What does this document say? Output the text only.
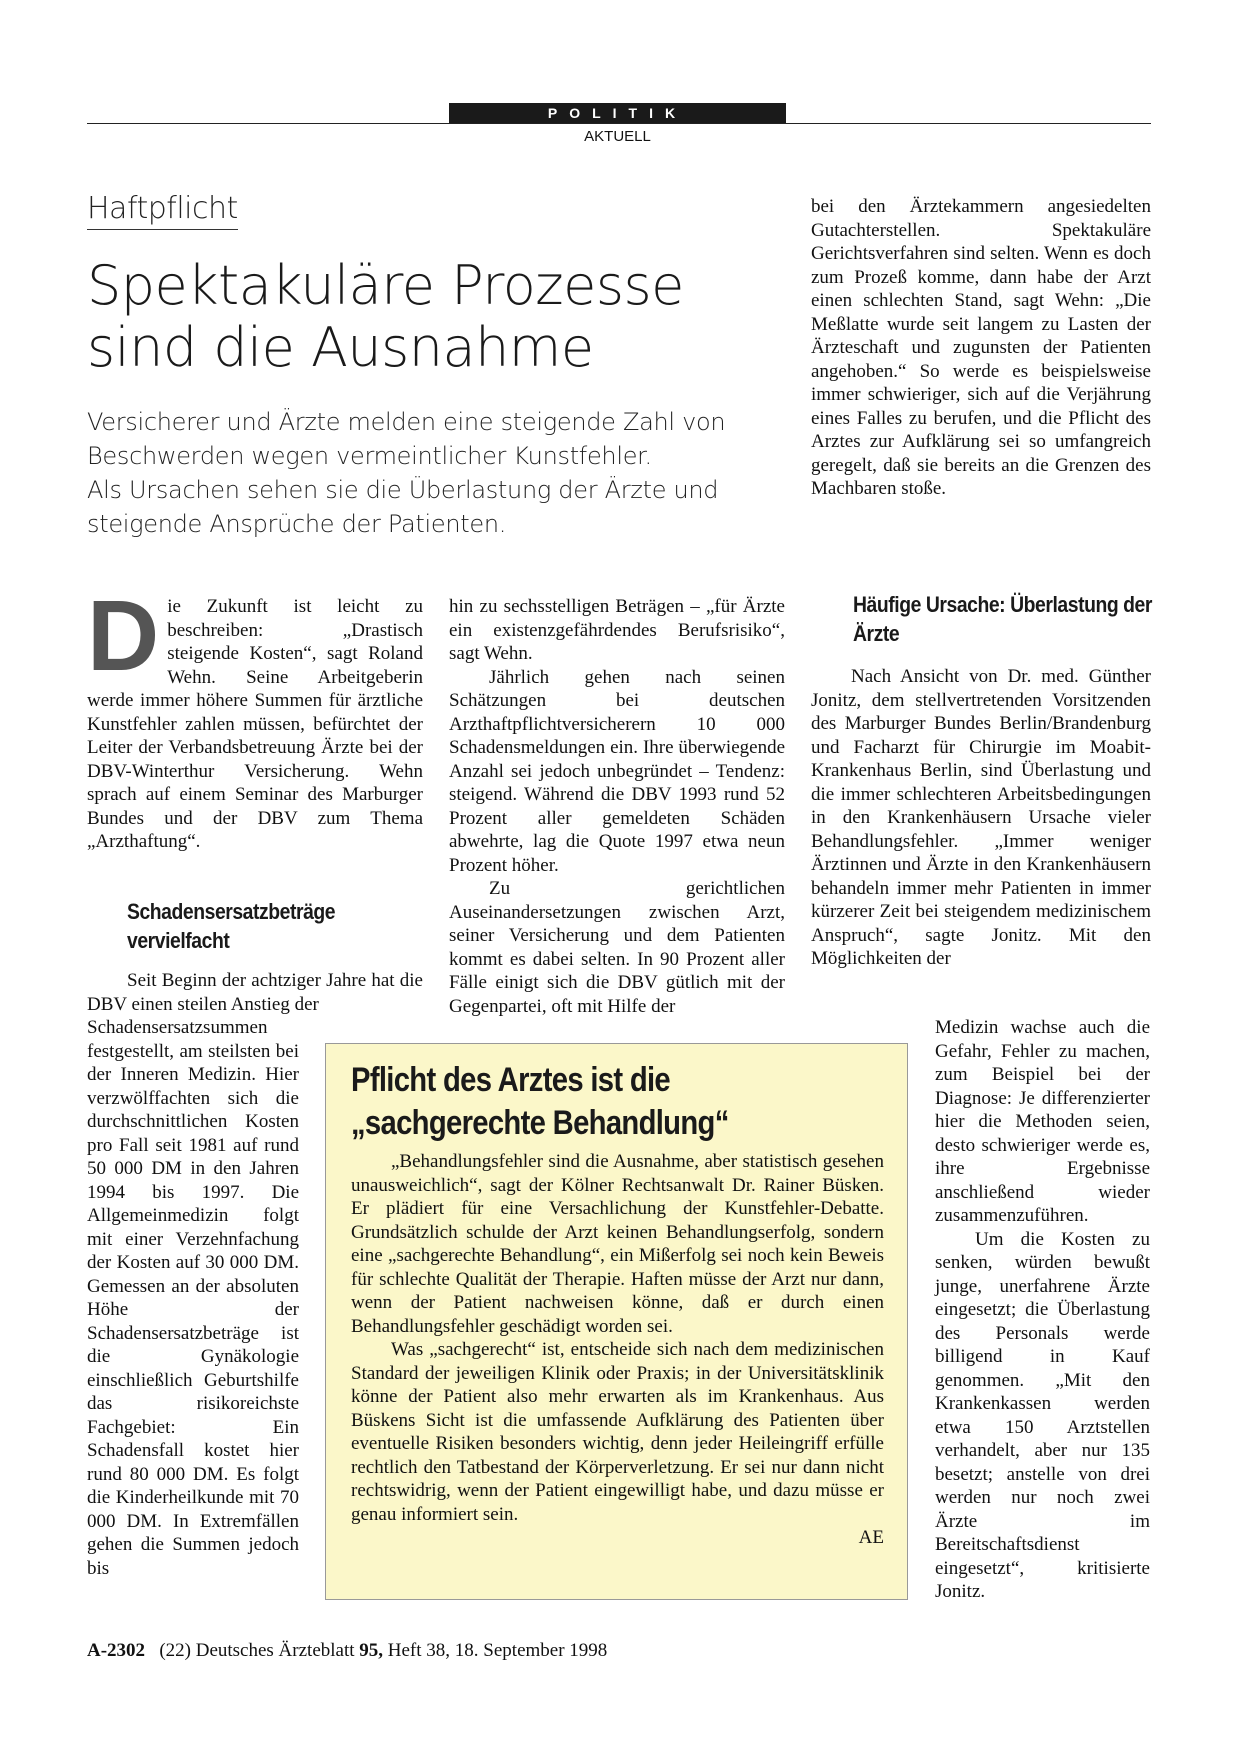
POLITIK
AKTUELL
Haftpflicht
Spektakuläre Prozesse sind die Ausnahme

Versicherer und Ärzte melden eine steigende Zahl von Beschwerden wegen vermeintlicher Kunstfehler.

Als Ursachen sehen sie die Überlastung der Ärzte und steigende Ansprüche der Patienten.

D ie Zukunft ist leicht zu beschreiben: „Drastisch steigende Kosten“, sagt Roland Wehn. Seine Arbeitgeberin werde immer höhere Summen für ärztliche Kunstfehler zahlen müssen, befürchtet der Leiter der Verbandsbetreuung Ärzte bei der DBV-Winterthur Versicherung. Wehn sprach auf einem Seminar des Marburger Bundes und der DBV zum Thema „Arzthaftung“.

Schadensersatzbeträge vervielfacht

Seit Beginn der achtziger Jahre hat die DBV einen steilen Anstieg der

Schadensersatzsummen festgestellt, am steilsten bei der Inneren Medizin. Hier verzwölffachten sich die durchschnittlichen Kosten pro Fall seit 1981 auf rund 50 000 DM in den Jahren 1994 bis 1997. Die Allgemeinmedizin folgt mit einer Verzehnfachung der Kosten auf 30 000 DM. Gemessen an der absoluten Höhe der Schadensersatzbeträge ist die Gynäkologie einschließlich Geburtshilfe das risikoreichste Fachgebiet: Ein Schadensfall kostet hier rund 80 000 DM. Es folgt die Kinderheilkunde mit 70 000 DM. In Extremfällen gehen die Summen jedoch bis

hin zu sechsstelligen Beträgen – „für Ärzte ein existenzgefährdendes Berufsrisiko“, sagt Wehn.

Jährlich gehen nach seinen Schätzungen bei deutschen Arzthaftpflichtversicherern 10 000 Schadensmeldungen ein. Ihre überwiegende Anzahl sei jedoch unbegründet – Tendenz: steigend. Während die DBV 1993 rund 52 Prozent aller gemeldeten Schäden abwehrte, lag die Quote 1997 etwa neun Prozent höher.

Zu gerichtlichen Auseinandersetzungen zwischen Arzt, seiner Versicherung und dem Patienten kommt es dabei selten. In 90 Prozent aller Fälle einigt sich die DBV gütlich mit der Gegenpartei, oft mit Hilfe der

bei den Ärztekammern angesiedelten Gutachterstellen. Spektakuläre Gerichtsverfahren sind selten. Wenn es doch zum Prozeß komme, dann habe der Arzt einen schlechten Stand, sagt Wehn: „Die Meßlatte wurde seit langem zu Lasten der Ärzteschaft und zugunsten der Patienten angehoben.“ So werde es beispielsweise immer schwieriger, sich auf die Verjährung eines Falles zu berufen, und die Pflicht des Arztes zur Aufklärung sei so umfangreich geregelt, daß sie bereits an die Grenzen des Machbaren stoße.

Häufige Ursache: Überlastung der Ärzte

Nach Ansicht von Dr. med. Günther Jonitz, dem stellvertretenden Vorsitzenden des Marburger Bundes Berlin/Brandenburg und Facharzt für Chirurgie im Moabit-Krankenhaus Berlin, sind Überlastung und die immer schlechteren Arbeitsbedingungen in den Krankenhäusern Ursache vieler Behandlungsfehler. „Immer weniger Ärztinnen und Ärzte in den Krankenhäusern behandeln immer mehr Patienten in immer kürzerer Zeit bei steigendem medizinischem Anspruch“, sagte Jonitz. Mit den Möglichkeiten der

Medizin wachse auch die Gefahr, Fehler zu machen, zum Beispiel bei der Diagnose: Je differenzierter hier die Methoden seien, desto schwieriger werde es, ihre Ergebnisse anschließend wieder zusammenzuführen.

Um die Kosten zu senken, würden bewußt junge, unerfahrene Ärzte eingesetzt; die Überlastung des Personals werde billigend in Kauf genommen. „Mit den Krankenkassen werden etwa 150 Arztstellen verhandelt, aber nur 135 besetzt; anstelle von drei werden nur noch zwei Ärzte im Bereitschaftsdienst eingesetzt“, kritisierte Jonitz.

Pflicht des Arztes ist die „sachgerechte Behandlung“

„Behandlungsfehler sind die Ausnahme, aber statistisch gesehen unausweichlich“, sagt der Kölner Rechtsanwalt Dr. Rainer Büsken. Er plädiert für eine Versachlichung der Kunstfehler-Debatte. Grundsätzlich schulde der Arzt keinen Behandlungserfolg, sondern eine „sachgerechte Behandlung“, ein Mißerfolg sei noch kein Beweis für schlechte Qualität der Therapie. Haften müsse der Arzt nur dann, wenn der Patient nachweisen könne, daß er durch einen Behandlungsfehler geschädigt worden sei.

Was „sachgerecht“ ist, entscheide sich nach dem medizinischen Standard der jeweiligen Klinik oder Praxis; in der Universitätsklinik könne der Patient also mehr erwarten als im Krankenhaus. Aus Büskens Sicht ist die umfassende Aufklärung des Patienten über eventuelle Risiken besonders wichtig, denn jeder Heileingriff erfülle rechtlich den Tatbestand der Körperverletzung. Er sei nur dann nicht rechtswidrig, wenn der Patient eingewilligt habe, und dazu müsse er genau informiert sein.

AE

A-2302 (22) Deutsches Ärzteblatt 95, Heft 38, 18. September 1998
